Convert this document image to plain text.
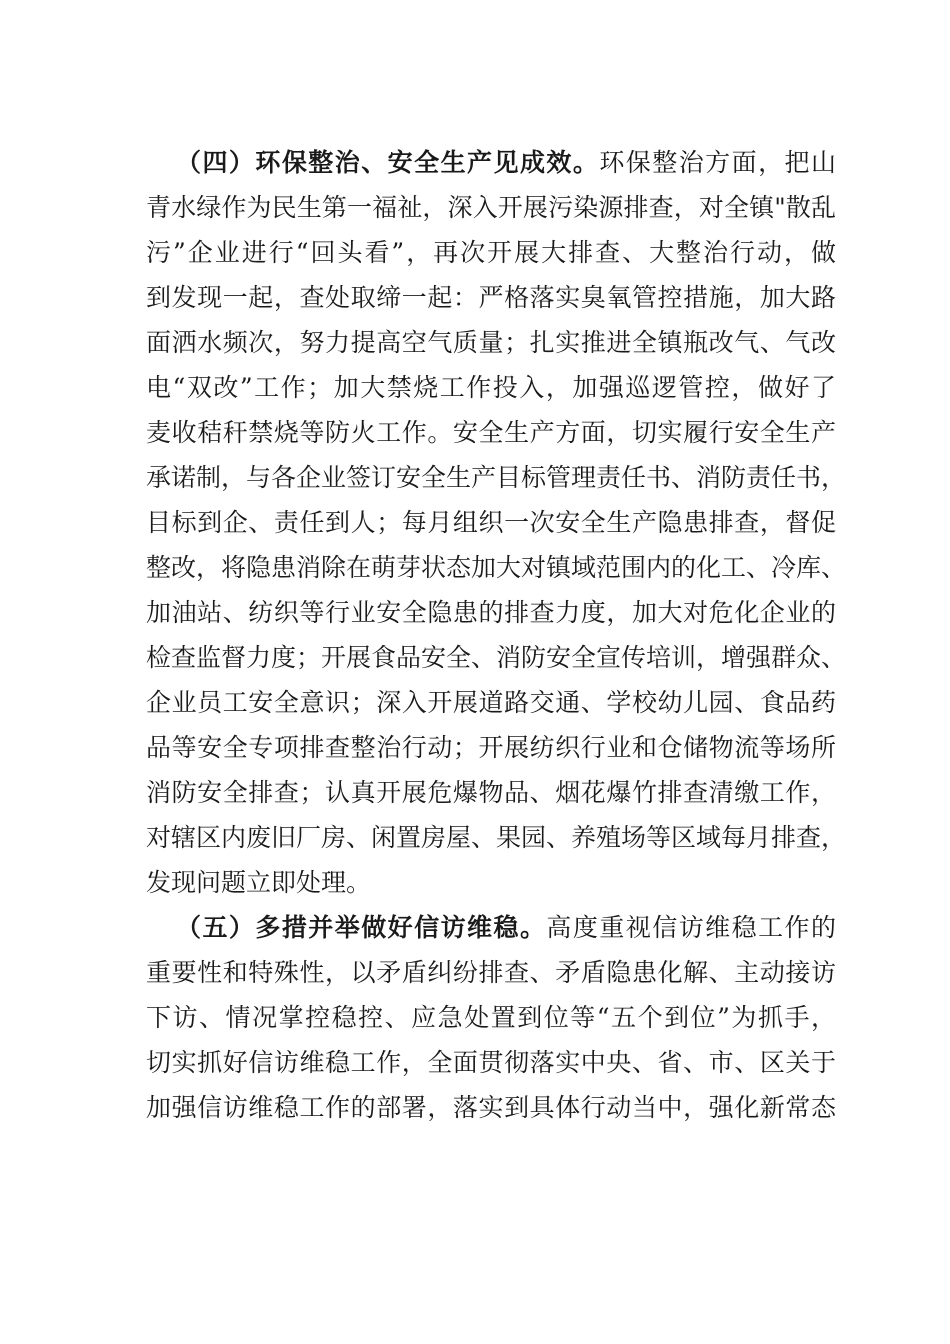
（四）环保整治、安全生产见成效。环保整治方面，把山
青水绿作为民生第一福祉，深入开展污染源排查，对全镇"散乱
污”企业进行“回头看”，再次开展大排查、大整治行动，做
到发现一起，查处取缔一起：严格落实臭氧管控措施，加大路
面洒水频次，努力提高空气质量；扎实推进全镇瓶改气、气改
电“双改”工作；加大禁烧工作投入，加强巡逻管控，做好了
麦收秸秆禁烧等防火工作。安全生产方面，切实履行安全生产
承诺制，与各企业签订安全生产目标管理责任书、消防责任书，
目标到企、责任到人；每月组织一次安全生产隐患排查，督促
整改，将隐患消除在萌芽状态加大对镇域范围内的化工、冷库、
加油站、纺织等行业安全隐患的排查力度，加大对危化企业的
检查监督力度；开展食品安全、消防安全宣传培训，增强群众、
企业员工安全意识；深入开展道路交通、学校幼儿园、食品药
品等安全专项排查整治行动；开展纺织行业和仓储物流等场所
消防安全排查；认真开展危爆物品、烟花爆竹排查清缴工作，
对辖区内废旧厂房、闲置房屋、果园、养殖场等区域每月排查，
发现问题立即处理。
（五）多措并举做好信访维稳。高度重视信访维稳工作的
重要性和特殊性，以矛盾纠纷排查、矛盾隐患化解、主动接访
下访、情况掌控稳控、应急处置到位等“五个到位”为抓手，
切实抓好信访维稳工作，全面贯彻落实中央、省、市、区关于
加强信访维稳工作的部署，落实到具体行动当中，强化新常态
